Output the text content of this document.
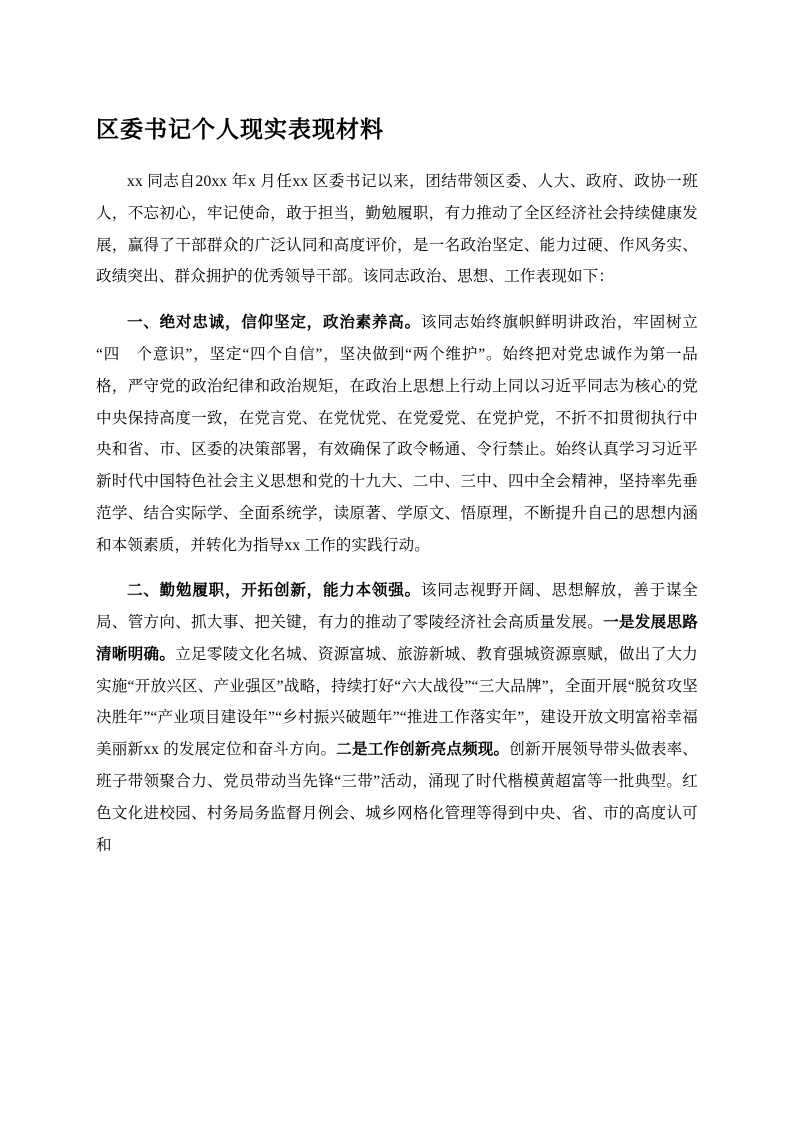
区委书记个人现实表现材料

xx 同志自20xx 年x 月任xx 区委书记以来，团结带领区委、人大、政府、政协一班人，不忘初心，牢记使命，敢于担当，勤勉履职，有力推动了全区经济社会持续健康发展，赢得了干部群众的广泛认同和高度评价，是一名政治坚定、能力过硬、作风务实、政绩突出、群众拥护的优秀领导干部。该同志政治、思想、工作表现如下：

一、绝对忠诚，信仰坚定，政治素养高。该同志始终旗帜鲜明讲政治，牢固树立“四　个意识”，坚定“四个自信”，坚决做到“两个维护”。始终把对党忠诚作为第一品格，严守党的政治纪律和政治规矩，在政治上思想上行动上同以习近平同志为核心的党中央保持高度一致，在党言党、在党忧党、在党爱党、在党护党，不折不扣贯彻执行中央和省、市、区委的决策部署，有效确保了政令畅通、令行禁止。始终认真学习习近平新时代中国特色社会主义思想和党的十九大、二中、三中、四中全会精神，坚持率先垂范学、结合实际学、全面系统学，读原著、学原文、悟原理，不断提升自己的思想内涵和本领素质，并转化为指导xx 工作的实践行动。

二、勤勉履职，开拓创新，能力本领强。该同志视野开阔、思想解放，善于谋全局、管方向、抓大事、把关键，有力的推动了零陵经济社会高质量发展。一是发展思路清晰明确。立足零陵文化名城、资源富城、旅游新城、教育强城资源禀赋，做出了大力实施“开放兴区、产业强区”战略，持续打好“六大战役”“三大品牌”，全面开展“脱贫攻坚决胜年”“产业项目建设年”“乡村振兴破题年”“推进工作落实年”，建设开放文明富裕幸福美丽新xx 的发展定位和奋斗方向。二是工作创新亮点频现。创新开展领导带头做表率、班子带领聚合力、党员带动当先锋“三带”活动，涌现了时代楷模黄超富等一批典型。红色文化进校园、村务局务监督月例会、城乡网格化管理等得到中央、省、市的高度认可和
